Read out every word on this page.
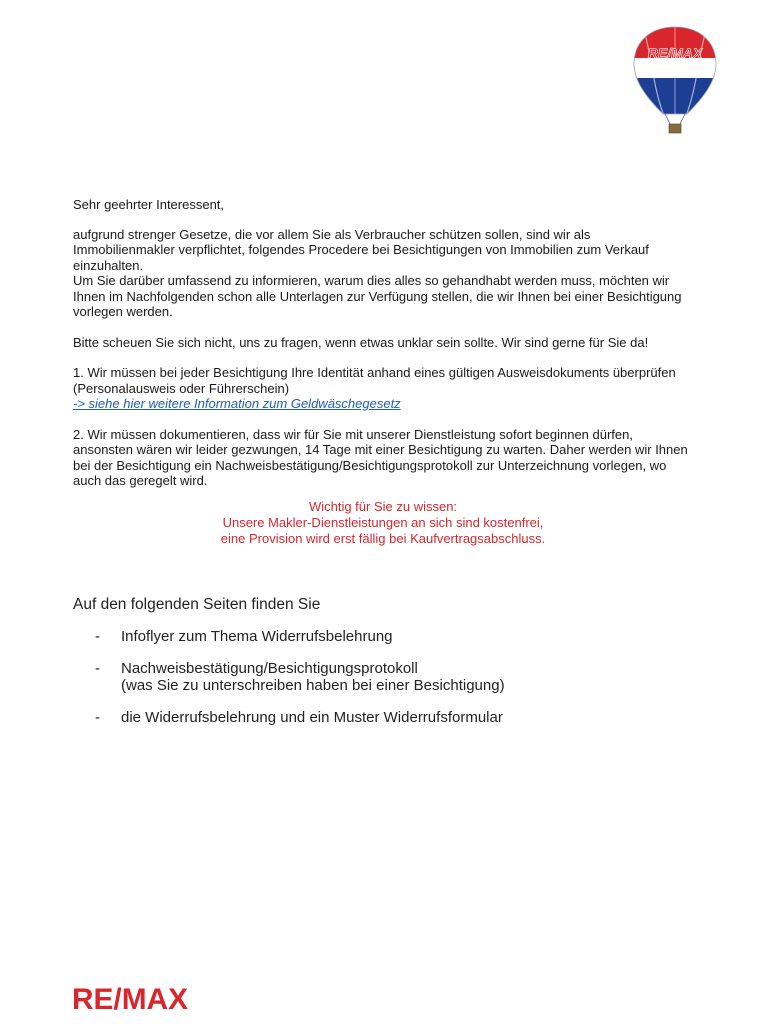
RE/MAX

Sehr geehrter Interessent,

aufgrund strenger Gesetze, die vor allem Sie als Verbraucher schützen sollen, sind wir als Immobilienmakler verpflichtet, folgendes Procedere bei Besichtigungen von Immobilien zum Verkauf einzuhalten.

Um Sie darüber umfassend zu informieren, warum dies alles so gehandhabt werden muss, möchten wir Ihnen im Nachfolgenden schon alle Unterlagen zur Verfügung stellen, die wir Ihnen bei einer Besichtigung vorlegen werden.

Bitte scheuen Sie sich nicht, uns zu fragen, wenn etwas unklar sein sollte. Wir sind gerne für Sie da!

1. Wir müssen bei jeder Besichtigung Ihre Identität anhand eines gültigen Ausweisdokuments überprüfen (Personalausweis oder Führerschein)

-> siehe hier weitere Information zum Geldwäschegesetz

2. Wir müssen dokumentieren, dass wir für Sie mit unserer Dienstleistung sofort beginnen dürfen, ansonsten wären wir leider gezwungen, 14 Tage mit einer Besichtigung zu warten. Daher werden wir Ihnen bei der Besichtigung ein Nachweisbestätigung/Besichtigungsprotokoll zur Unterzeichnung vorlegen, wo auch das geregelt wird.

Wichtig für Sie zu wissen:
Unsere Makler-Dienstleistungen an sich sind kostenfrei,
eine Provision wird erst fällig bei Kaufvertragsabschluss.

Auf den folgenden Seiten finden Sie
-	Infoflyer zum Thema Widerrufsbelehrung
-	Nachweisbestätigung/Besichtigungsprotokoll
(was Sie zu unterschreiben haben bei einer Besichtigung)
-	die Widerrufsbelehrung und ein Muster Widerrufsformular
RE/MAX
